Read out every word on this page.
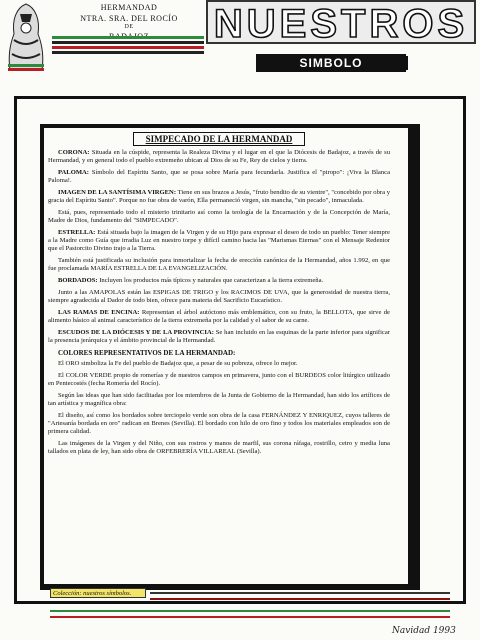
HERMANDAD
NTRA. SRA. DEL ROCÍO
DE	NUESTROS
SIMBOLO
SIMPECADO DE LA HERMANDAD

CORONA: Situada en la cúspide, representa la Realeza Divina y el lugar en el que la Diócesis de Badajoz, a través de su Hermandad, y en general todo el pueblo extremeño ubican al Dios de su Fe, Rey de cielos y tierra.

PALOMA: Símbolo del Espíritu Santo, que se posa sobre María para fecundarla. Justifica el "piropo": ¡Viva la Blanca Paloma!.

IMAGEN DE LA SANTÍSIMA VIRGEN: Tiene en sus brazos a Jesús, "fruto bendito de su vientre", "concebido por obra y gracia del Espíritu Santo". Porque no fue obra de varón, Ella permaneció virgen, sin mancha, "sin pecado", inmaculada.

Está, pues, representado todo el misterio trinitario así como la teología de la Encarnación y de la Concepción de María, Madre de Dios, fundamento del "SIMPECADO".

ESTRELLA: Está situada bajo la imagen de la Virgen y de su Hijo para expresar el deseo de todo un pueblo: Tener siempre a la Madre como Guía que irradia Luz en nuestro torpe y difícil camino hacia las "Marismas Eternas" con el Mensaje Redentor que el Pastorcito Divino trajo a la Tierra.

También está justificada su inclusión para inmortalizar la fecha de erección canónica de la Hermandad, años 1.992, en que fue proclamada MARÍA ESTRELLA DE LA EVANGELIZACIÓN.

BORDADOS: Incluyen los productos más típicos y naturales que caracterizan a la tierra extremeña.

Junto a las AMAPOLAS están las ESPIGAS DE TRIGO y los RACIMOS DE UVA, que la generosidad de nuestra tierra, siempre agradecida al Dador de todo bien, ofrece para materia del Sacrificio Eucarístico.

LAS RAMAS DE ENCINA: Representan el árbol autóctono más emblemático, con su fruto, la BELLOTA, que sirve de alimento básico al animal característico de la tierra extremeña por la calidad y el sabor de su carne.

ESCUDOS DE LA DIÓCESIS Y DE LA PROVINCIA: Se han incluido en las esquinas de la parte inferior para significar la presencia jerárquica y el ámbito provincial de la Hermandad.

COLORES REPRESENTATIVOS DE LA HERMANDAD:

El ORO simboliza la Fe del pueblo de Badajoz que, a pesar de su pobreza, ofrece lo mejor.

El COLOR VERDE propio de romerías y de nuestros campos en primavera, junto con el BURDEOS color litúrgico utilizado en Pentecostés (fecha Romería del Rocío).

Según las ideas que han sido facilitadas por los miembros de la Junta de Gobierno de la Hermandad, han sido los artífices de tan artística y magnífica obra:

El diseño, así como los bordados sobre terciopelo verde son obra de la casa FERNÁNDEZ Y ENRIQUEZ, cuyos talleres de "Artesanía bordada en oro" radican en Brenes (Sevilla). El bordado con hilo de oro fino y todos los materiales empleados son de primera calidad.

Las imágenes de la Virgen y del Niño, con sus rostros y manos de marfil, sus corona ráfaga, rostrillo, cetro y media luna tallados en plata de ley, han sido obra de ORFEBRERÍA VILLAREAL (Sevilla).

Colección: nuestros símbolos.
Navidad 1993
